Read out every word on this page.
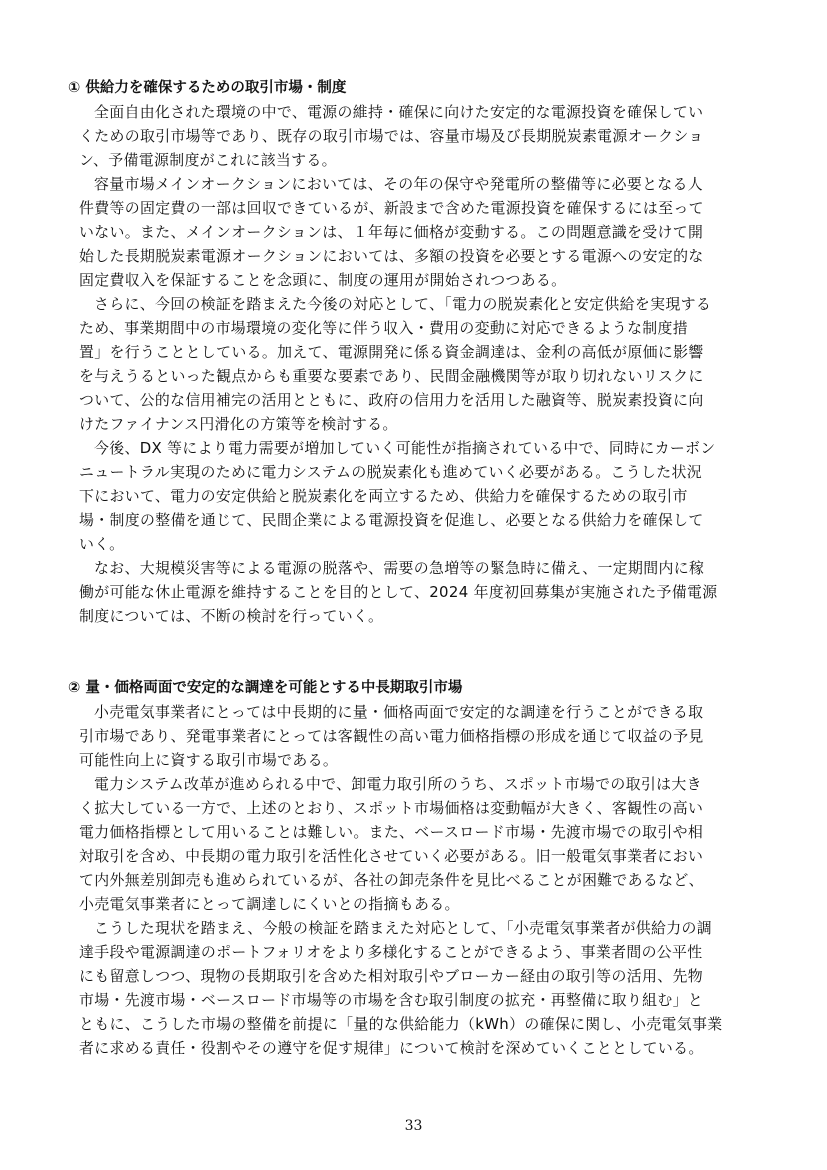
① 供給力を確保するための取引市場・制度
全面自由化された環境の中で、電源の維持・確保に向けた安定的な電源投資を確保してい
くための取引市場等であり、既存の取引市場では、容量市場及び長期脱炭素電源オークショ
ン、予備電源制度がこれに該当する。
容量市場メインオークションにおいては、その年の保守や発電所の整備等に必要となる人
件費等の固定費の一部は回収できているが、新設まで含めた電源投資を確保するには至って
いない。また、メインオークションは、１年毎に価格が変動する。この問題意識を受けて開
始した長期脱炭素電源オークションにおいては、多額の投資を必要とする電源への安定的な
固定費収入を保証することを念頭に、制度の運用が開始されつつある。
さらに、今回の検証を踏まえた今後の対応として、「電力の脱炭素化と安定供給を実現する
ため、事業期間中の市場環境の変化等に伴う収入・費用の変動に対応できるような制度措
置」を行うこととしている。加えて、電源開発に係る資金調達は、金利の高低が原価に影響
を与えうるといった観点からも重要な要素であり、民間金融機関等が取り切れないリスクに
ついて、公的な信用補完の活用とともに、政府の信用力を活用した融資等、脱炭素投資に向
けたファイナンス円滑化の方策等を検討する。
今後、DX 等により電力需要が増加していく可能性が指摘されている中で、同時にカーボン
ニュートラル実現のために電力システムの脱炭素化も進めていく必要がある。こうした状況
下において、電力の安定供給と脱炭素化を両立するため、供給力を確保するための取引市
場・制度の整備を通じて、民間企業による電源投資を促進し、必要となる供給力を確保して
いく。
なお、大規模災害等による電源の脱落や、需要の急増等の緊急時に備え、一定期間内に稼
働が可能な休止電源を維持することを目的として、2024 年度初回募集が実施された予備電源
制度については、不断の検討を行っていく。
② 量・価格両面で安定的な調達を可能とする中長期取引市場
小売電気事業者にとっては中長期的に量・価格両面で安定的な調達を行うことができる取
引市場であり、発電事業者にとっては客観性の高い電力価格指標の形成を通じて収益の予見
可能性向上に資する取引市場である。
電力システム改革が進められる中で、卸電力取引所のうち、スポット市場での取引は大き
く拡大している一方で、上述のとおり、スポット市場価格は変動幅が大きく、客観性の高い
電力価格指標として用いることは難しい。また、ベースロード市場・先渡市場での取引や相
対取引を含め、中長期の電力取引を活性化させていく必要がある。旧一般電気事業者におい
て内外無差別卸売も進められているが、各社の卸売条件を見比べることが困難であるなど、
小売電気事業者にとって調達しにくいとの指摘もある。
こうした現状を踏まえ、今般の検証を踏まえた対応として、「小売電気事業者が供給力の調
達手段や電源調達のポートフォリオをより多様化することができるよう、事業者間の公平性
にも留意しつつ、現物の長期取引を含めた相対取引やブローカー経由の取引等の活用、先物
市場・先渡市場・ベースロード市場等の市場を含む取引制度の拡充・再整備に取り組む」と
ともに、こうした市場の整備を前提に「量的な供給能力（kWh）の確保に関し、小売電気事業
者に求める責任・役割やその遵守を促す規律」について検討を深めていくこととしている。
33
